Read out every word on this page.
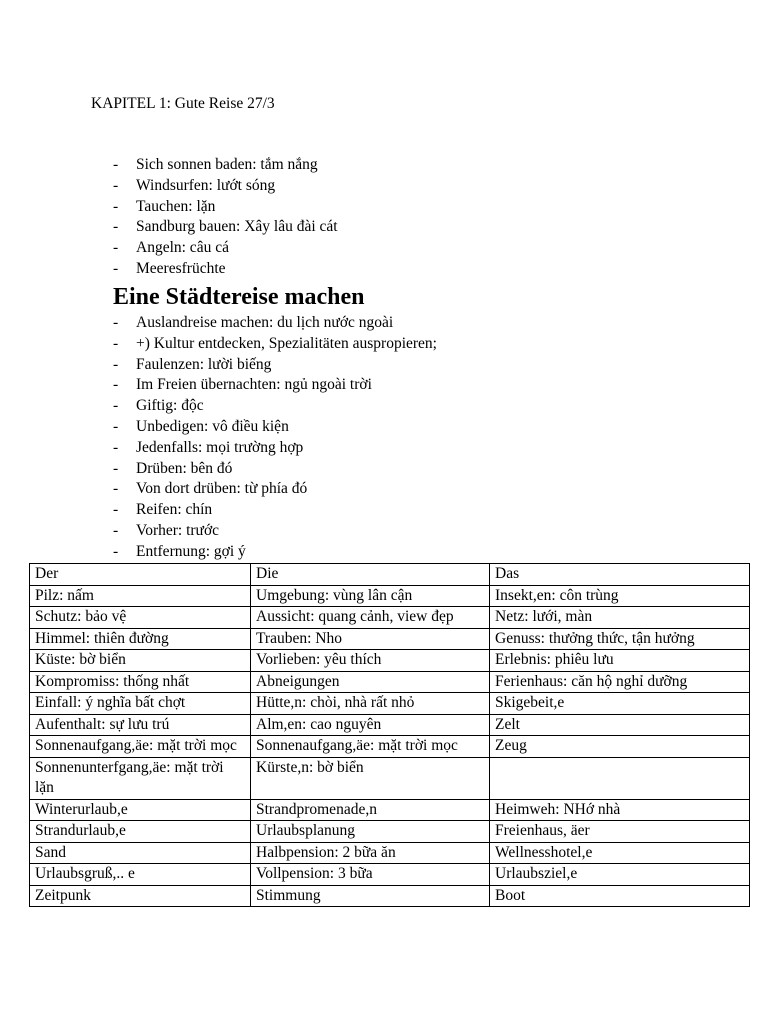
KAPITEL 1: Gute Reise 27/3
- Sich sonnen baden: tắm nắng
- Windsurfen: lướt sóng
- Tauchen: lặn
- Sandburg bauen: Xây lâu đài cát
- Angeln: câu cá
- Meeresfrüchte
Eine Städtereise machen
- Auslandreise machen: du lịch nước ngoài
- +) Kultur entdecken, Spezialitäten auspropieren;
- Faulenzen: lười biếng
- Im Freien übernachten: ngủ ngoài trời
- Giftig: độc
- Unbedigen: vô điều kiện
- Jedenfalls: mọi trường hợp
- Drüben: bên đó
- Von dort drüben: từ phía đó
- Reifen: chín
- Vorher: trước
- Entfernung: gợi ý
Der	Die	Das
Pilz: nấm	Umgebung: vùng lân cận	Insekt,en: côn trùng
Schutz: bảo vệ	Aussicht: quang cảnh, view đẹp	Netz: lưới, màn
Himmel: thiên đường	Trauben: Nho	Genuss: thưởng thức, tận hưởng
Küste: bờ biển	Vorlieben: yêu thích	Erlebnis: phiêu lưu
Kompromiss: thống nhất	Abneigungen	Ferienhaus: căn hộ nghỉ dưỡng
Einfall: ý nghĩa bất chợt	Hütte,n: chòi, nhà rất nhỏ	Skigebeit,e
Aufenthalt: sự lưu trú	Alm,en: cao nguyên	Zelt
Sonnenaufgang,äe: mặt trời mọc	Sonnenaufgang,äe: mặt trời mọc	Zeug
Sonnenunterfgang,äe: mặt trời lặn	Kürste,n: bờ biển	
Winterurlaub,e	Strandpromenade,n	Heimweh: NHớ nhà
Strandurlaub,e	Urlaubsplanung	Freienhaus, äer
Sand	Halbpension: 2 bữa ăn	Wellnesshotel,e
Urlaubsgruß,.. e	Vollpension: 3 bữa	Urlaubsziel,e
Zeitpunk	Stimmung	Boot
